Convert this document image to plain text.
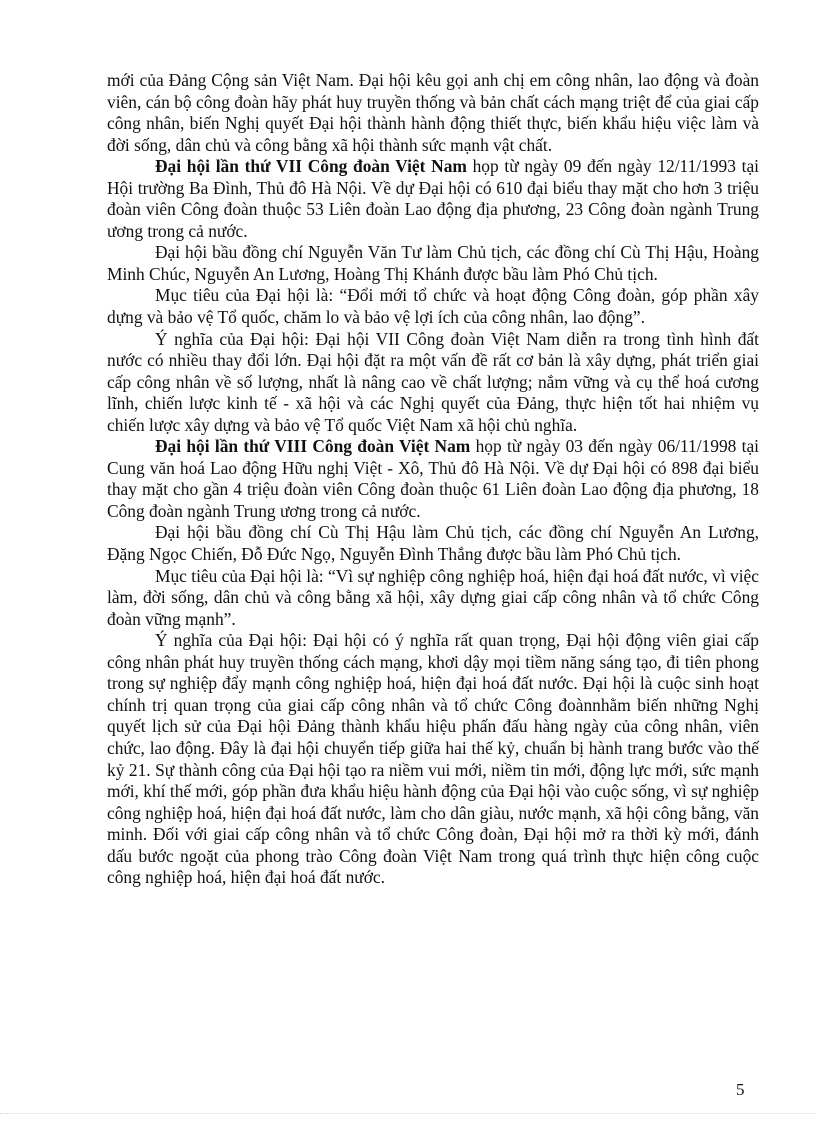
mới của Đảng Cộng sản Việt Nam. Đại hội kêu gọi anh chị em công nhân, lao động và đoàn viên, cán bộ công đoàn hãy phát huy truyền thống và bản chất cách mạng triệt để của giai cấp công nhân, biến Nghị quyết Đại hội thành hành động thiết thực, biến khẩu hiệu việc làm và đời sống, dân chủ và công bằng xã hội thành sức mạnh vật chất.

Đại hội lần thứ VII Công đoàn Việt Nam họp từ ngày 09 đến ngày 12/11/1993 tại Hội trường Ba Đình, Thủ đô Hà Nội. Về dự Đại hội có 610 đại biểu thay mặt cho hơn 3 triệu đoàn viên Công đoàn thuộc 53 Liên đoàn Lao động địa phương, 23 Công đoàn ngành Trung ương trong cả nước.

Đại hội bầu đồng chí Nguyễn Văn Tư làm Chủ tịch, các đồng chí Cù Thị Hậu, Hoàng Minh Chúc, Nguyễn An Lương, Hoàng Thị Khánh được bầu làm Phó Chủ tịch.

Mục tiêu của Đại hội là: “Đổi mới tổ chức và hoạt động Công đoàn, góp phần xây dựng và bảo vệ Tổ quốc, chăm lo và bảo vệ lợi ích của công nhân, lao động”.

Ý nghĩa của Đại hội: Đại hội VII Công đoàn Việt Nam diễn ra trong tình hình đất nước có nhiều thay đổi lớn. Đại hội đặt ra một vấn đề rất cơ bản là xây dựng, phát triển giai cấp công nhân về số lượng, nhất là nâng cao về chất lượng; nắm vững và cụ thể hoá cương lĩnh, chiến lược kinh tế - xã hội và các Nghị quyết của Đảng, thực hiện tốt hai nhiệm vụ chiến lược xây dựng và bảo vệ Tổ quốc Việt Nam xã hội chủ nghĩa.

Đại hội lần thứ VIII Công đoàn Việt Nam họp từ ngày 03 đến ngày 06/11/1998 tại Cung văn hoá Lao động Hữu nghị Việt - Xô, Thủ đô Hà Nội. Về dự Đại hội có 898 đại biểu thay mặt cho gần 4 triệu đoàn viên Công đoàn thuộc 61 Liên đoàn Lao động địa phương, 18 Công đoàn ngành Trung ương trong cả nước.

Đại hội bầu đồng chí Cù Thị Hậu làm Chủ tịch, các đồng chí Nguyễn An Lương, Đặng Ngọc Chiến, Đỗ Đức Ngọ, Nguyễn Đình Thắng được bầu làm Phó Chủ tịch.

Mục tiêu của Đại hội là: “Vì sự nghiệp công nghiệp hoá, hiện đại hoá đất nước, vì việc làm, đời sống, dân chủ và công bằng xã hội, xây dựng giai cấp công nhân và tổ chức Công đoàn vững mạnh”.

Ý nghĩa của Đại hội: Đại hội có ý nghĩa rất quan trọng, Đại hội động viên giai cấp công nhân phát huy truyền thống cách mạng, khơi dậy mọi tiềm năng sáng tạo, đi tiên phong trong sự nghiệp đẩy mạnh công nghiệp hoá, hiện đại hoá đất nước. Đại hội là cuộc sinh hoạt chính trị quan trọng của giai cấp công nhân và tổ chức Công đoànnhằm biến những Nghị quyết lịch sử của Đại hội Đảng thành khẩu hiệu phấn đấu hàng ngày của công nhân, viên chức, lao động. Đây là đại hội chuyển tiếp giữa hai thế kỷ, chuẩn bị hành trang bước vào thế kỷ 21. Sự thành công của Đại hội tạo ra niềm vui mới, niềm tin mới, động lực mới, sức mạnh mới, khí thế mới, góp phần đưa khẩu hiệu hành động của Đại hội vào cuộc sống, vì sự nghiệp công nghiệp hoá, hiện đại hoá đất nước, làm cho dân giàu, nước mạnh, xã hội công bằng, văn minh. Đối với giai cấp công nhân và tổ chức Công đoàn, Đại hội mở ra thời kỳ mới, đánh dấu bước ngoặt của phong trào Công đoàn Việt Nam trong quá trình thực hiện công cuộc công nghiệp hoá, hiện đại hoá đất nước.

5
